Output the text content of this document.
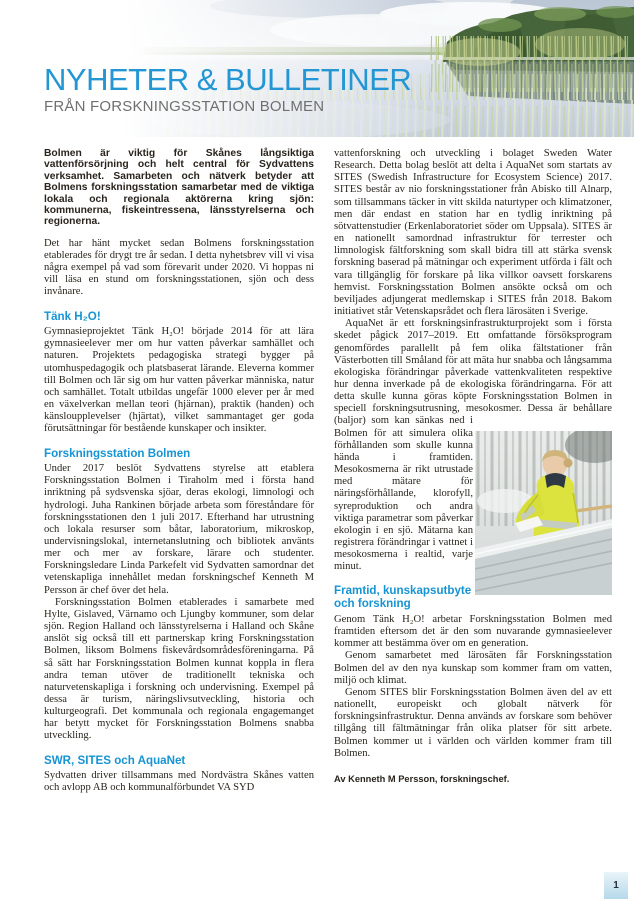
NYHETER & BULLETINER
FRÅN FORSKNINGSSTATION BOLMEN

Bolmen är viktig för Skånes långsiktiga vattenförsörjning och helt central för Sydvattens verksamhet. Samarbeten och nätverk betyder att Bolmens forskningsstation samarbetar med de viktiga lokala och regionala aktörerna kring sjön: kommunerna, fiskeintressena, länsstyrelserna och regionerna.

Det har hänt mycket sedan Bolmens forskningsstation etablerades för drygt tre år sedan. I detta nyhetsbrev vill vi visa några exempel på vad som förevarit under 2020. Vi hoppas ni vill läsa en stund om forskningsstationen, sjön och dess invånare.

Tänk H₂O!

Gymnasieprojektet Tänk H₂O! började 2014 för att lära gymnasieelever mer om hur vatten påverkar samhället och naturen. Projektets pedagogiska strategi bygger på utomhuspedagogik och platsbaserat lärande. Eleverna kommer till Bolmen och lär sig om hur vatten påverkar människa, natur och samhället. Totalt utbildas ungefär 1000 elever per år med en växelverkan mellan teori (hjärnan), praktik (handen) och känsloupplevelser (hjärtat), vilket sammantaget ger goda förutsättningar för bestående kunskaper och insikter.

Forskningsstation Bolmen

Under 2017 beslöt Sydvattens styrelse att etablera Forskningsstation Bolmen i Tiraholm med i första hand inriktning på sydsvenska sjöar, deras ekologi, limnologi och hydrologi. Juha Rankinen började arbeta som föreståndare för forskningsstationen den 1 juli 2017. Efterhand har utrustning och lokala resurser som båtar, laboratorium, mikroskop, undervisningslokal, internetanslutning och bibliotek använts mer och mer av forskare, lärare och studenter. Forskningsledare Linda Parkefelt vid Sydvatten samordnar det vetenskapliga innehållet medan forskningschef Kenneth M Persson är chef över det hela.

Forskningsstation Bolmen etablerades i samarbete med Hylte, Gislaved, Värnamo och Ljungby kommuner, som delar sjön. Region Halland och länsstyrelserna i Halland och Skåne anslöt sig också till ett partnerskap kring Forskningsstation Bolmen, liksom Bolmens fiskevårdsområdesföreningarna. På så sätt har Forskningsstation Bolmen kunnat koppla in flera andra teman utöver de traditionellt tekniska och naturvetenskapliga i forskning och undervisning. Exempel på dessa är turism, näringslivsutveckling, historia och kulturgeografi. Det kommunala och regionala engagemanget har betytt mycket för Forskningsstation Bolmens snabba utveckling.

SWR, SITES och AquaNet

Sydvatten driver tillsammans med Nordvästra Skånes vatten och avlopp AB och kommunalförbundet VA SYD

vattenforskning och utveckling i bolaget Sweden Water Research. Detta bolag beslöt att delta i AquaNet som startats av SITES (Swedish Infrastructure for Ecosystem Science) 2017. SITES består av nio forskningsstationer från Abisko till Alnarp, som tillsammans täcker in vitt skilda naturtyper och klimatzoner, men där endast en station har en tydlig inriktning på sötvattenstudier (Erkenlaboratoriet söder om Uppsala). SITES är en nationellt samordnad infrastruktur för terrester och limnologisk fältforskning som skall bidra till att stärka svensk forskning baserad på mätningar och experiment utförda i fält och vara tillgänglig för forskare på lika villkor oavsett forskarens hemvist. Forskningsstation Bolmen ansökte också om och beviljades adjungerat medlemskap i SITES från 2018. Bakom initiativet står Vetenskapsrådet och flera lärosäten i Sverige.

AquaNet är ett forskningsinfrastrukturprojekt som i första skedet pågick 2017–2019. Ett omfattande försöksprogram genomfördes parallellt på fem olika fältstationer från Västerbotten till Småland för att mäta hur snabba och långsamma ekologiska förändringar påverkade vattenkvaliteten respektive hur denna inverkade på de ekologiska förändringarna. För att detta skulle kunna göras köpte Forskningsstation Bolmen in speciell forskningsutrusning, mesokosmer. Dessa är behållare (baljor) som kan sänkas ned i Bolmen för att simulera olika förhållanden som skulle kunna hända i framtiden. Mesokosmerna är rikt utrustade med mätare för näringsförhållande, klorofyll, syreproduktion och andra viktiga parametrar som påverkar ekologin i en sjö. Mätarna kan registrera förändringar i vattnet i mesokosmerna i realtid, varje minut.

Framtid, kunskapsutbyte och forskning

Genom Tänk H₂O! arbetar Forskningsstation Bolmen med framtiden eftersom det är den som nuvarande gymnasieelever kommer att bestämma över om en generation.

Genom samarbetet med lärosäten får Forskningsstation Bolmen del av den nya kunskap som kommer fram om vatten, miljö och klimat.

Genom SITES blir Forskningsstation Bolmen även del av ett nationellt, europeiskt och globalt nätverk för forskningsinfrastruktur. Denna används av forskare som behöver tillgång till fältmätningar från olika platser för sitt arbete. Bolmen kommer ut i världen och världen kommer fram till Bolmen.

Av Kenneth M Persson, forskningschef.

1
